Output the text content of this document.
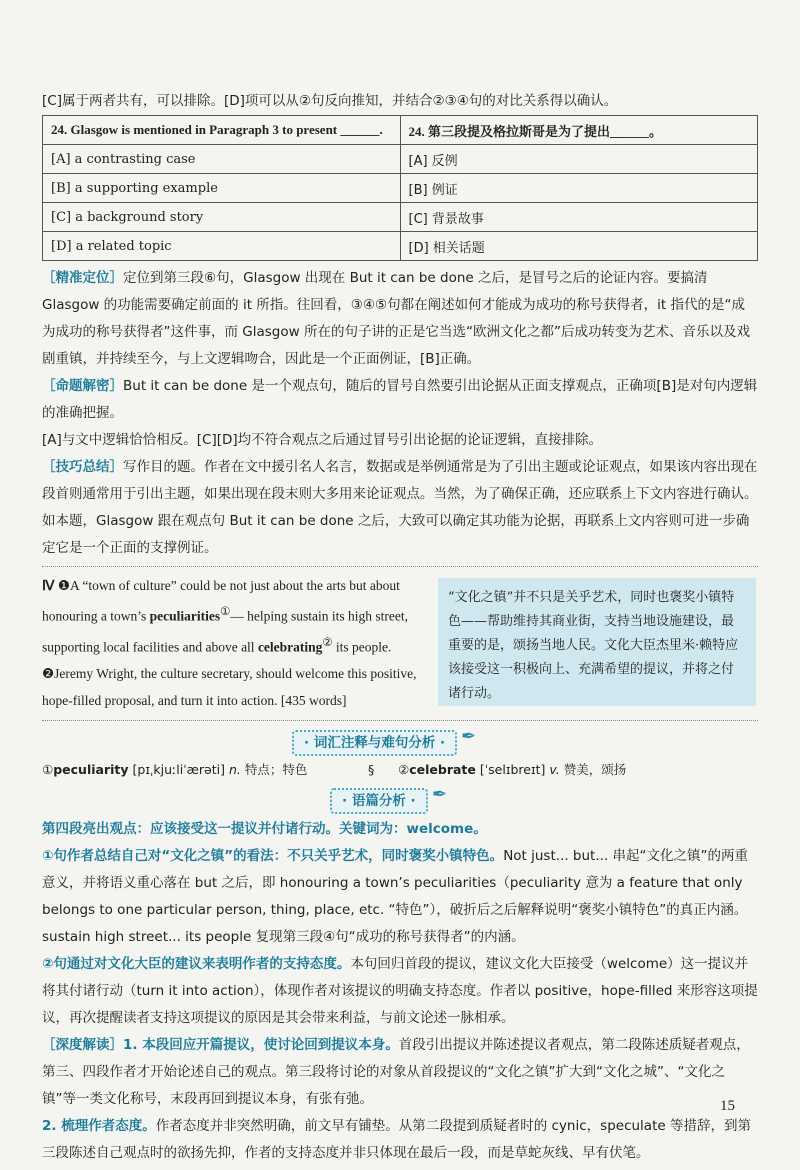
[C]属于两者共有，可以排除。[D]项可以从②句反向推知，并结合②③④句的对比关系得以确认。

24. Glasgow is mentioned in Paragraph 3 to present ______.	24. 第三段提及格拉斯哥是为了提出______。
[A] a contrasting case	[A] 反例
[B] a supporting example	[B] 例证
[C] a background story	[C] 背景故事
[D] a related topic	[D] 相关话题

［精准定位］定位到第三段⑥句，Glasgow 出现在 But it can be done 之后，是冒号之后的论证内容。要搞清 Glasgow 的功能需要确定前面的 it 所指。往回看，③④⑤句都在阐述如何才能成为成功的称号获得者，it 指代的是“成为成功的称号获得者”这件事，而 Glasgow 所在的句子讲的正是它当选“欧洲文化之都”后成功转变为艺术、音乐以及戏剧重镇，并持续至今，与上文逻辑吻合，因此是一个正面例证，[B]正确。

［命题解密］But it can be done 是一个观点句，随后的冒号自然要引出论据从正面支撑观点，正确项[B]是对句内逻辑的准确把握。

[A]与文中逻辑恰恰相反。[C][D]均不符合观点之后通过冒号引出论据的论证逻辑，直接排除。

［技巧总结］写作目的题。作者在文中援引名人名言，数据或是举例通常是为了引出主题或论证观点，如果该内容出现在段首则通常用于引出主题，如果出现在段末则大多用来论证观点。当然，为了确保正确，还应联系上下文内容进行确认。如本题，Glasgow 跟在观点句 But it can be done 之后，大致可以确定其功能为论据，再联系上文内容则可进一步确定它是一个正面的支撑例证。

Ⅳ ❶A “town of culture” could be not just about the arts but about honouring a town’s peculiarities①— helping sustain its high street, supporting local facilities and above all celebrating② its people. ❷Jeremy Wright, the culture secretary, should welcome this positive, hope-filled proposal, and turn it into action. [435 words]
“文化之镇”并不只是关乎艺术，同时也褒奖小镇特色——帮助维持其商业街，支持当地设施建设，最重要的是，颂扬当地人民。文化大臣杰里米·赖特应该接受这一积极向上、充满希望的提议，并将之付诸行动。
· 词汇注释与难句分析 · ✒
①peculiarity [pɪˌkjuːliˈærəti] n. 特点；特色	§ ②celebrate [ˈselɪbreɪt] v. 赞美，颂扬
· 语篇分析 · ✒

第四段亮出观点：应该接受这一提议并付诸行动。关键词为：welcome。

①句作者总结自己对“文化之镇”的看法：不只关乎艺术，同时褒奖小镇特色。Not just... but... 串起“文化之镇”的两重意义，并将语义重心落在 but 之后，即 honouring a town’s peculiarities（peculiarity 意为 a feature that only belongs to one particular person, thing, place, etc. “特色”），破折后之后解释说明“褒奖小镇特色”的真正内涵。sustain high street... its people 复现第三段④句“成功的称号获得者”的内涵。

②句通过对文化大臣的建议来表明作者的支持态度。本句回归首段的提议，建议文化大臣接受（welcome）这一提议并将其付诸行动（turn it into action），体现作者对该提议的明确支持态度。作者以 positive，hope-filled 来形容这项提议，再次提醒读者支持这项提议的原因是其会带来利益，与前文论述一脉相承。

［深度解读］1. 本段回应开篇提议，使讨论回到提议本身。首段引出提议并陈述提议者观点，第二段陈述质疑者观点，第三、四段作者才开始论述自己的观点。第三段将讨论的对象从首段提议的“文化之镇”扩大到“文化之城”、“文化之镇”等一类文化称号，末段再回到提议本身，有张有弛。

2. 梳理作者态度。作者态度并非突然明确，前文早有铺垫。从第二段提到质疑者时的 cynic，speculate 等措辞，到第三段陈述自己观点时的欲扬先抑，作者的支持态度并非只体现在最后一段，而是草蛇灰线、早有伏笔。

15
